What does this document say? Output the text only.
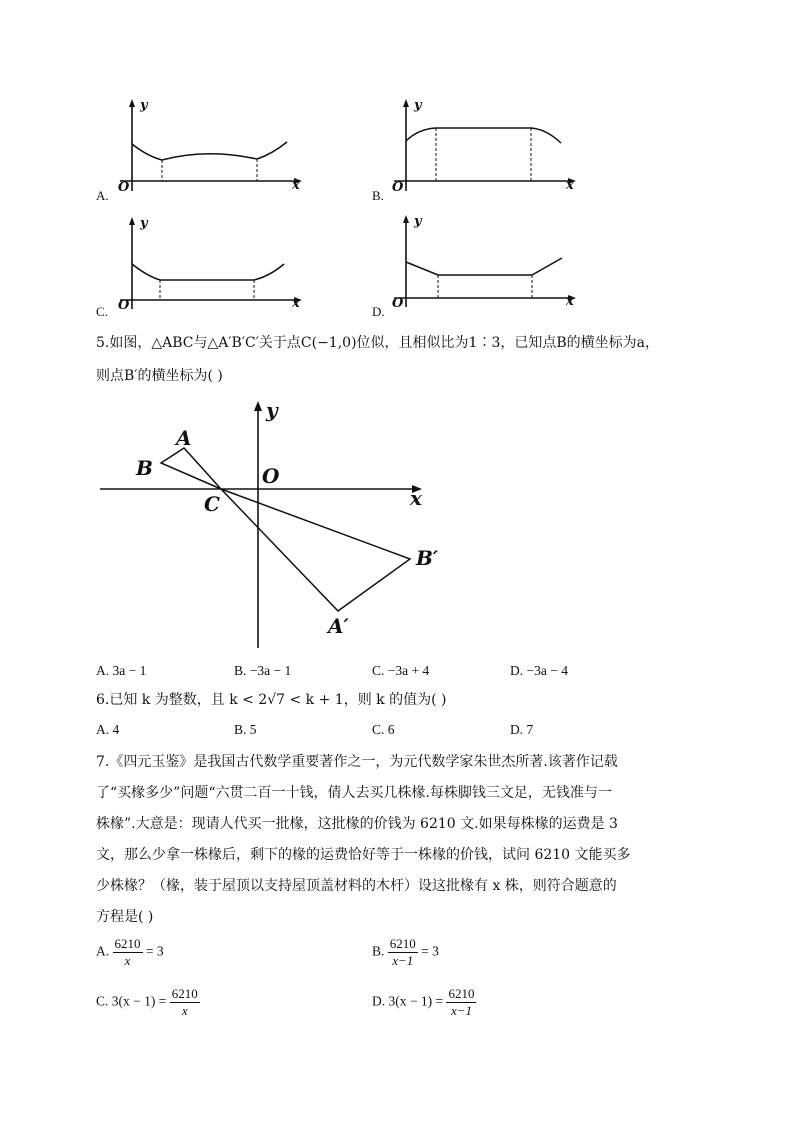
y
x
O
A.
y
x
O
B.
y
x
O
C.
y
x
O
D.
5.如图，△ABC与△A′B′C′关于点C(−1,0)位似，且相似比为1∶3，已知点B的横坐标为a，
则点B′的横坐标为( )
A
B
C
O
x
y
A′
B′
A. 3a − 1	B. −3a − 1	C. −3a + 4	D. −3a − 4
6.已知 k 为整数，且 k < 2√7 < k + 1，则 k 的值为( )
A. 4	B. 5	C. 6	D. 7
7.《四元玉鉴》是我国古代数学重要著作之一，为元代数学家朱世杰所著.该著作记载
了“买椽多少”问题“六贯二百一十钱，倩人去买几株椽.每株脚钱三文足，无钱准与一
株椽”.大意是：现请人代买一批椽，这批椽的价钱为 6210 文.如果每株椽的运费是 3
文，那么少拿一株椽后，剩下的椽的运费恰好等于一株椽的价钱，试问 6210 文能买多
少株椽？（椽，装于屋顶以支持屋顶盖材料的木杆）设这批椽有 x 株，则符合题意的
方程是( )
A. $\frac{6210}{x} = 3$	B. $\frac{6210}{x-1} = 3$
C. $3(x - 1) = \frac{6210}{x}$	D. $3(x - 1) = \frac{6210}{x-1}$
